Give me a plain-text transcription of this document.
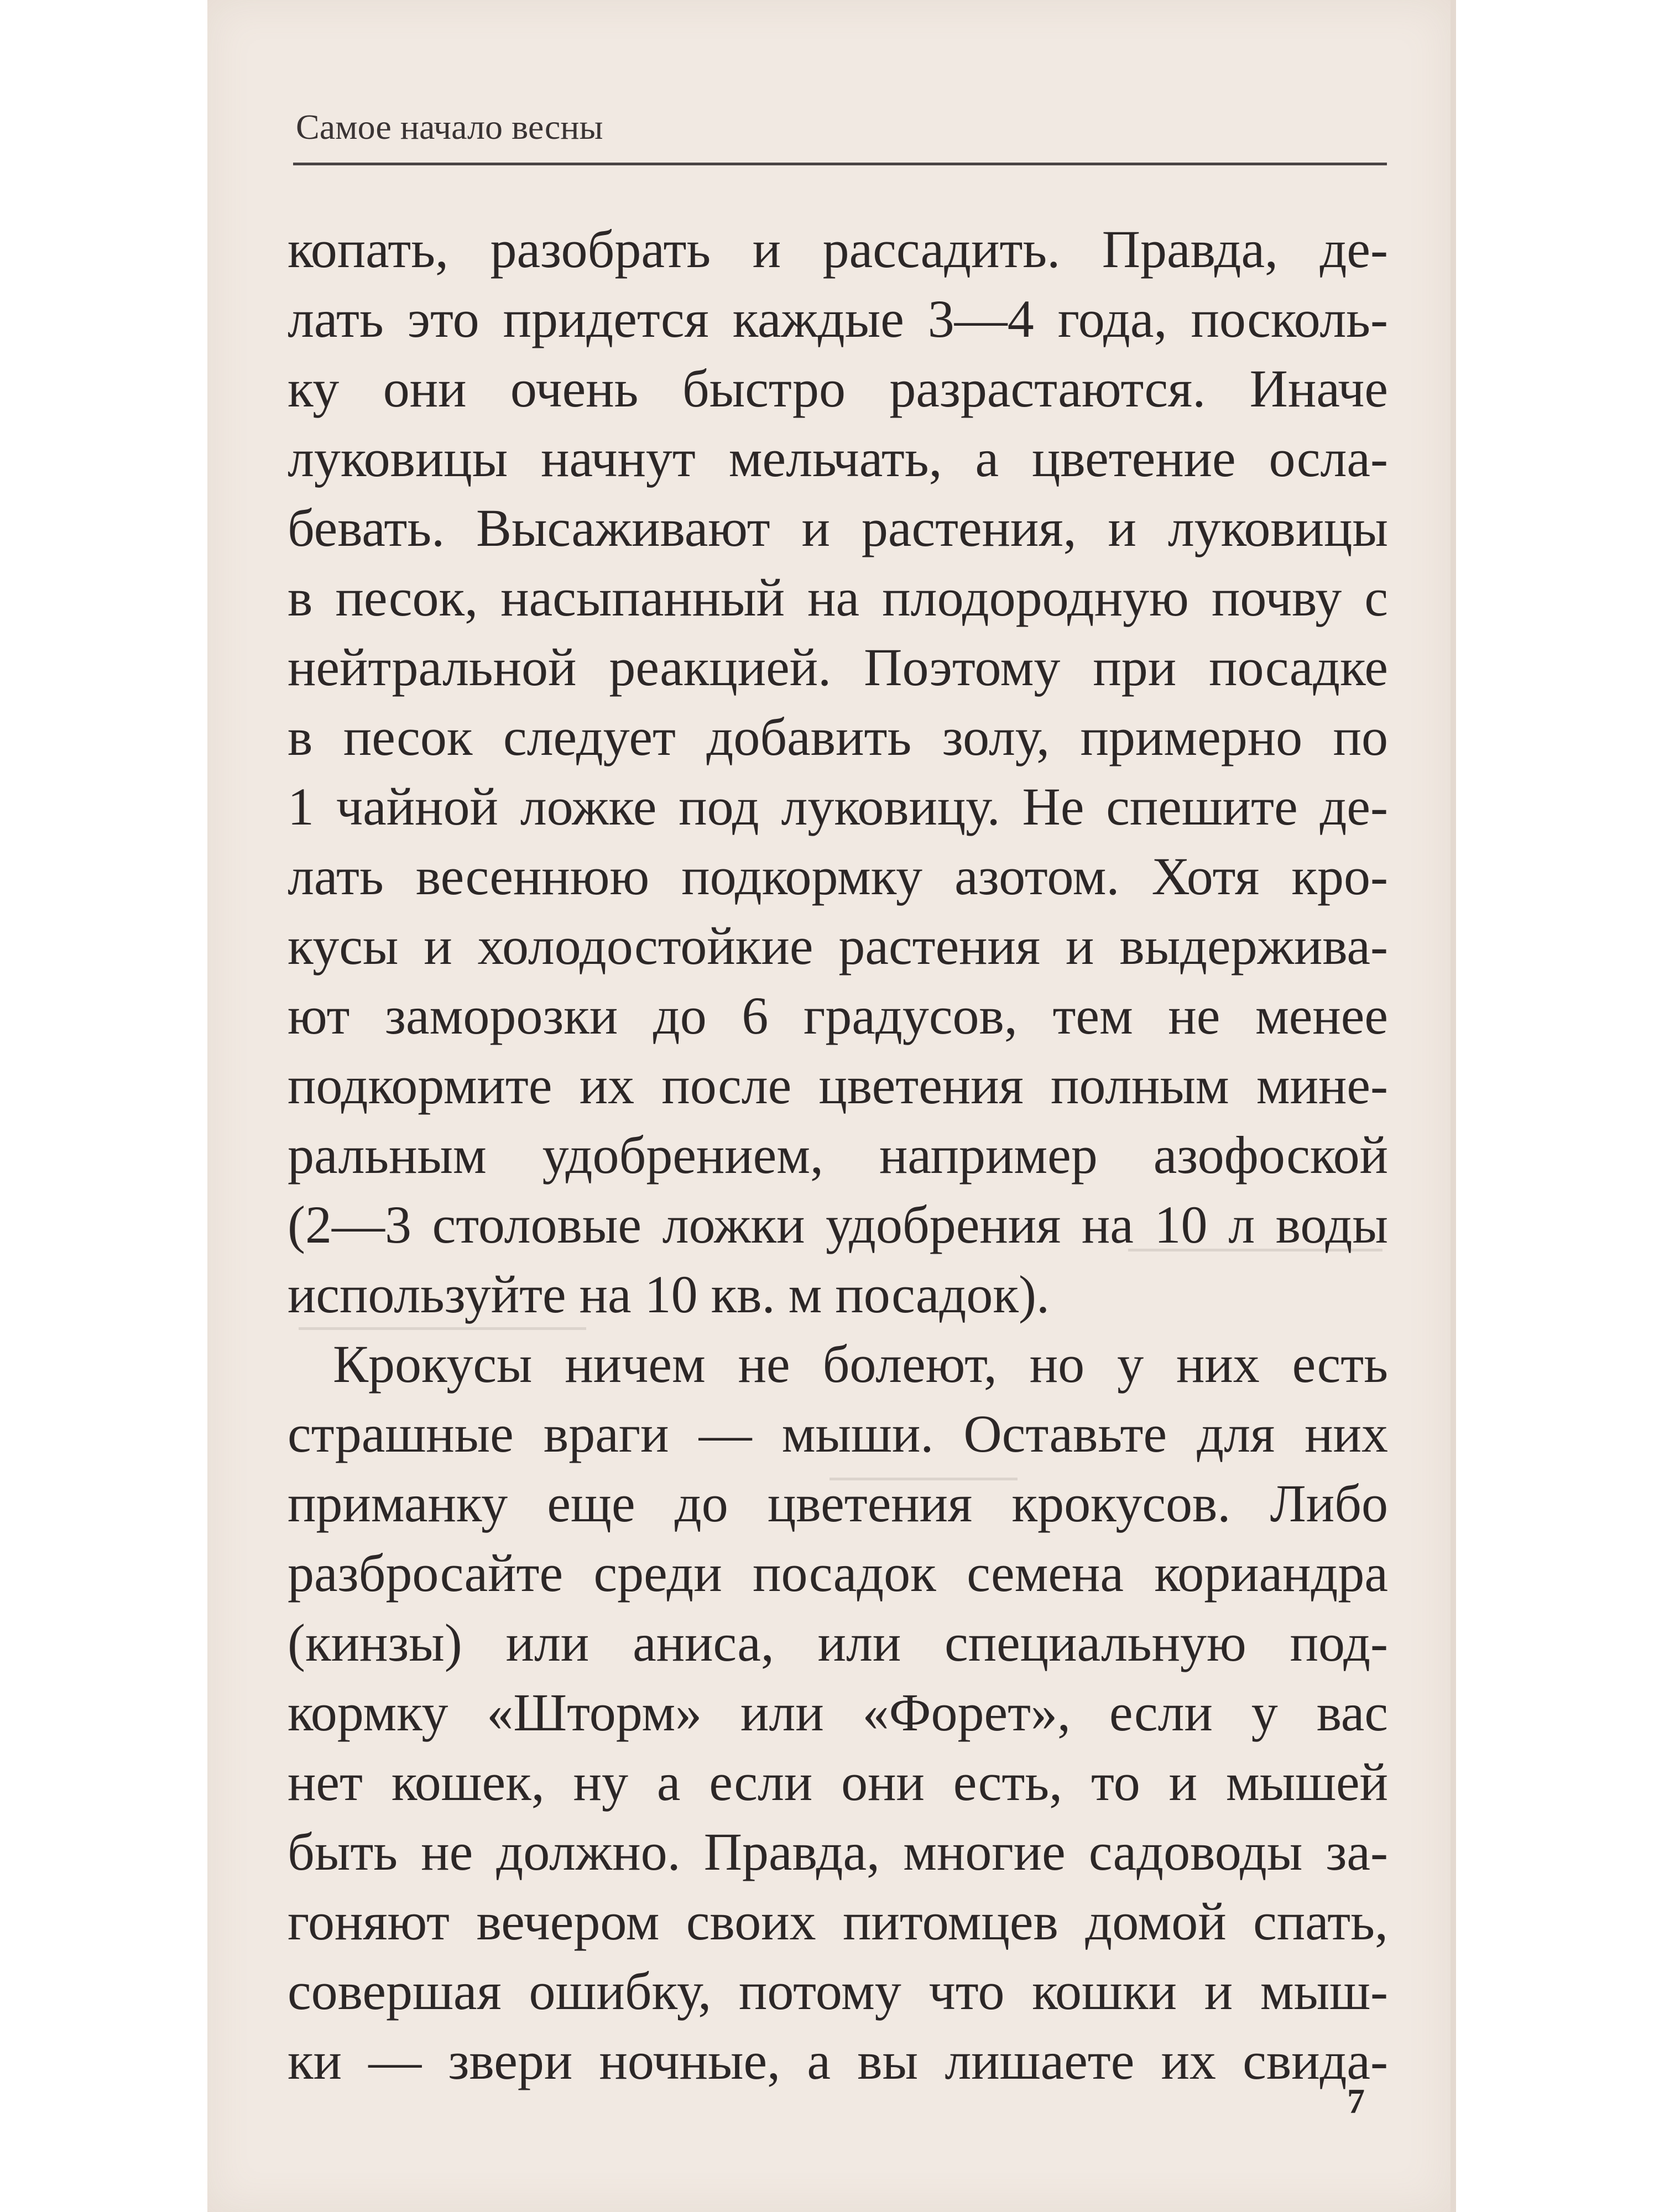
Самое начало весны
копать, разобрать и рассадить. Правда, де-
лать это придется каждые 3—4 года, посколь-
ку они очень быстро разрастаются. Иначе
луковицы начнут мельчать, а цветение осла-
бевать. Высаживают и растения, и луковицы
в песок, насыпанный на плодородную почву с
нейтральной реакцией. Поэтому при посадке
в песок следует добавить золу, примерно по
1 чайной ложке под луковицу. Не спешите де-
лать весеннюю подкормку азотом. Хотя кро-
кусы и холодостойкие растения и выдержива-
ют заморозки до 6 градусов, тем не менее
подкормите их после цветения полным мине-
ральным удобрением, например азофоской
(2—3 столовые ложки удобрения на 10 л воды
используйте на 10 кв. м посадок).
Крокусы ничем не болеют, но у них есть
страшные враги — мыши. Оставьте для них
приманку еще до цветения крокусов. Либо
разбросайте среди посадок семена кориандра
(кинзы) или аниса, или специальную под-
кормку «Шторм» или «Форет», если у вас
нет кошек, ну а если они есть, то и мышей
быть не должно. Правда, многие садоводы за-
гоняют вечером своих питомцев домой спать,
совершая ошибку, потому что кошки и мыш-
ки — звери ночные, а вы лишаете их свида-
7
